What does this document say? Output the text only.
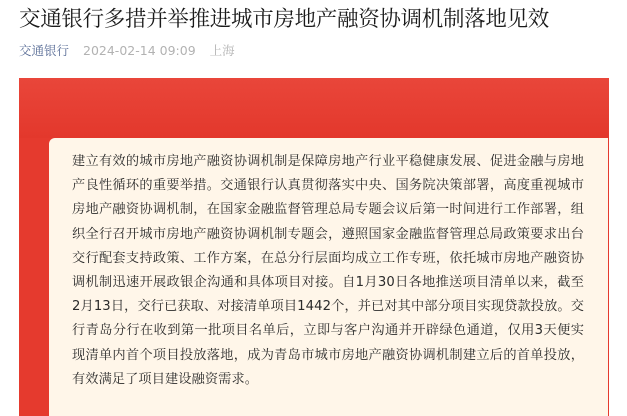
交通银行多措并举推进城市房地产融资协调机制落地见效
交通银行 2024-02-14 09:09 上海
建立有效的城市房地产融资协调机制是保障房地产行业平稳健康发展、促进金融与房地产良性循环的重要举措。交通银行认真贯彻落实中央、国务院决策部署，高度重视城市房地产融资协调机制，在国家金融监督管理总局专题会议后第一时间进行工作部署，组织全行召开城市房地产融资协调机制专题会，遵照国家金融监督管理总局政策要求出台交行配套支持政策、工作方案，在总分行层面均成立工作专班，依托城市房地产融资协调机制迅速开展政银企沟通和具体项目对接。自1月30日各地推送项目清单以来，截至2月13日，交行已获取、对接清单项目1442个，并已对其中部分项目实现贷款投放。交行青岛分行在收到第一批项目名单后，立即与客户沟通并开辟绿色通道，仅用3天便实现清单内首个项目投放落地，成为青岛市城市房地产融资协调机制建立后的首单投放，有效满足了项目建设融资需求。
